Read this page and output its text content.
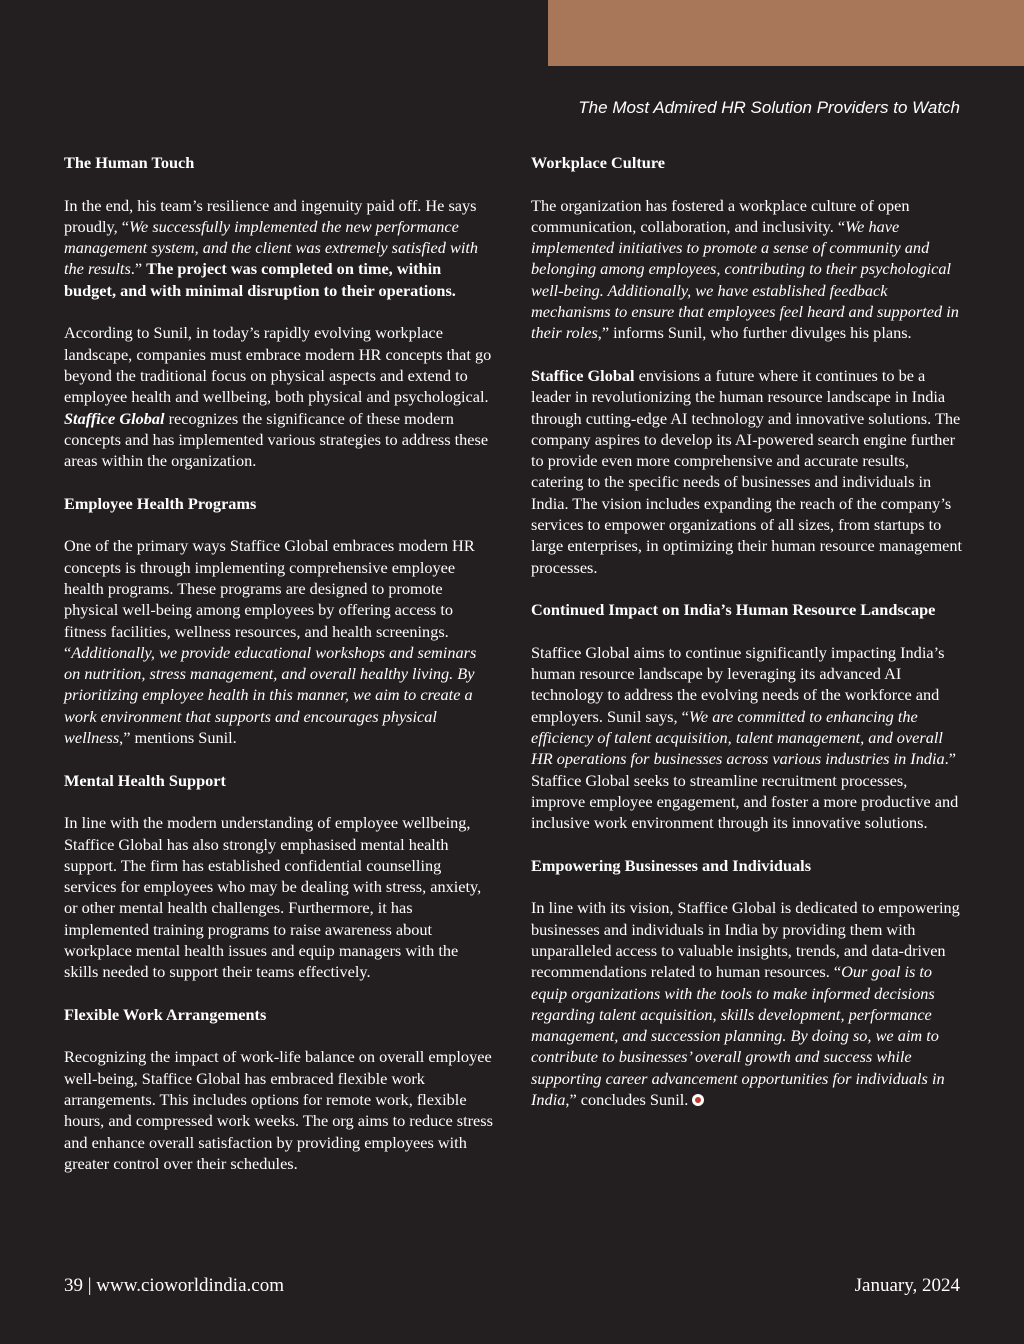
The Most Admired HR Solution Providers to Watch
The Human Touch

In the end, his team’s resilience and ingenuity paid off. He says proudly, “We successfully implemented the new performance management system, and the client was extremely satisfied with the results.” The project was completed on time, within budget, and with minimal disruption to their operations.

According to Sunil, in today’s rapidly evolving workplace landscape, companies must embrace modern HR concepts that go beyond the traditional focus on physical aspects and extend to employee health and wellbeing, both physical and psychological. Staffice Global recognizes the significance of these modern concepts and has implemented various strategies to address these areas within the organization.

Employee Health Programs

One of the primary ways Staffice Global embraces modern HR concepts is through implementing comprehensive employee health programs. These programs are designed to promote physical well-being among employees by offering access to fitness facilities, wellness resources, and health screenings. “Additionally, we provide educational workshops and seminars on nutrition, stress management, and overall healthy living. By prioritizing employee health in this manner, we aim to create a work environment that supports and encourages physical wellness,” mentions Sunil.

Mental Health Support

In line with the modern understanding of employee wellbeing, Staffice Global has also strongly emphasised mental health support. The firm has established confidential counselling services for employees who may be dealing with stress, anxiety, or other mental health challenges. Furthermore, it has implemented training programs to raise awareness about workplace mental health issues and equip managers with the skills needed to support their teams effectively.

Flexible Work Arrangements

Recognizing the impact of work-life balance on overall employee well-being, Staffice Global has embraced flexible work arrangements. This includes options for remote work, flexible hours, and compressed work weeks. The org aims to reduce stress and enhance overall satisfaction by providing employees with greater control over their schedules.

Workplace Culture

The organization has fostered a workplace culture of open communication, collaboration, and inclusivity. “We have implemented initiatives to promote a sense of community and belonging among employees, contributing to their psychological well-being. Additionally, we have established feedback mechanisms to ensure that employees feel heard and supported in their roles,” informs Sunil, who further divulges his plans.

Staffice Global envisions a future where it continues to be a leader in revolutionizing the human resource landscape in India through cutting-edge AI technology and innovative solutions. The company aspires to develop its AI-powered search engine further to provide even more comprehensive and accurate results, catering to the specific needs of businesses and individuals in India. The vision includes expanding the reach of the company’s services to empower organizations of all sizes, from startups to large enterprises, in optimizing their human resource management processes.

Continued Impact on India’s Human Resource Landscape

Staffice Global aims to continue significantly impacting India’s human resource landscape by leveraging its advanced AI technology to address the evolving needs of the workforce and employers. Sunil says, “We are committed to enhancing the efficiency of talent acquisition, talent management, and overall HR operations for businesses across various industries in India.” Staffice Global seeks to streamline recruitment processes, improve employee engagement, and foster a more productive and inclusive work environment through its innovative solutions.

Empowering Businesses and Individuals

In line with its vision, Staffice Global is dedicated to empowering businesses and individuals in India by providing them with unparalleled access to valuable insights, trends, and data-driven recommendations related to human resources. “Our goal is to equip organizations with the tools to make informed decisions regarding talent acquisition, skills development, performance management, and succession planning. By doing so, we aim to contribute to businesses’ overall growth and success while supporting career advancement opportunities for individuals in India,” concludes Sunil.

39 | www.cioworldindia.com	January, 2024
